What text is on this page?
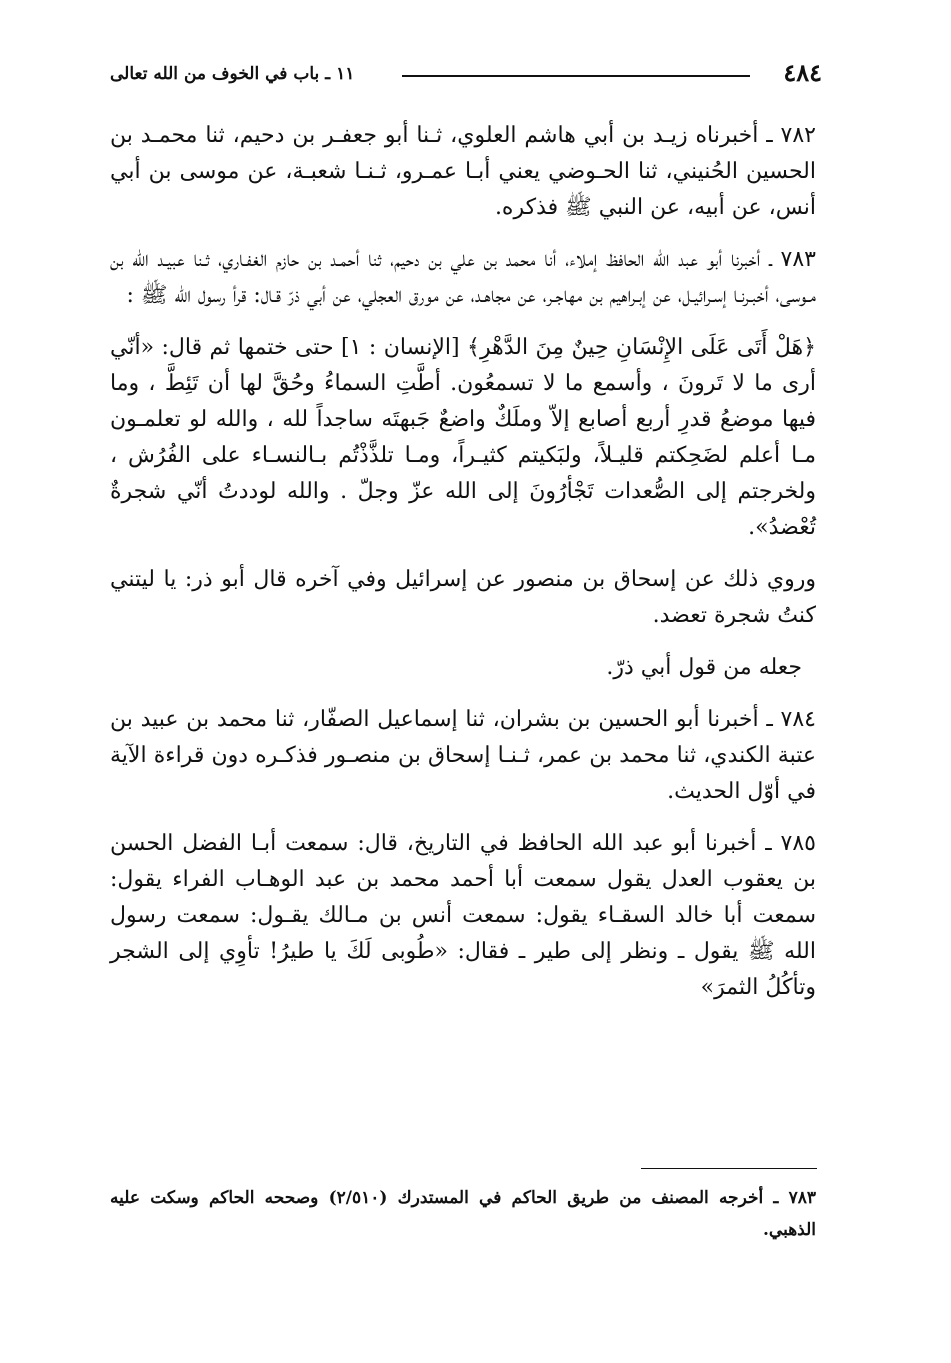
٤٨٤
١١ ـ باب في الخوف من الله تعالى

٧٨٢ ـ أخبرناه زيـد بن أبي هاشم العلوي، ثـنا أبو جعفـر بن دحيم، ثنا محمـد بن الحسين الحُنيني، ثنا الحـوضي يعني أبـا عمـرو، ثـنـا شعبـة، عن موسى بن أبي أنس، عن أبيه، عن النبي ﷺ فذكره.

٧٨٣ ـ أخبرنا أبو عبد الله الحافظ إملاء، أنا محمد بن علي بن دحيم، ثنا أحمـد بن حازم الغفـاري، ثـنا عبيـد الله بن مـوسى، أخبـرنـا إسـرائيـل، عن إبـراهيم بن مهاجـر، عن مجاهـد، عن مورق العجلي، عن أبي ذرّ قـال: قرأ رسول الله ﷺ :

﴿هَلْ أَتَى عَلَى الإِنْسَانِ حِينٌ مِنَ الدَّهْرِ﴾ [الإنسان : ١] حتى ختمها ثم قال: «أنّي أرى ما لا تَرونَ ، وأسمع ما لا تسمعُون. أطَّتِ السماءُ وحُقَّ لها أن تَئِطَّ ، وما فيها موضعُ قدرِ أربع أصابع إلاّ وملَكٌ واضعٌ جَبهتَه ساجداً لله ، والله لو تعلمـون مـا أعلم لضَحِكتم قليـلاً، ولبَكيتم كثيـراً، ومـا تلذَّذْتُم بـالنسـاء على الفُرُش ، ولخرجتم إلى الصُّعدات تَجْأرُونَ إلى الله عزّ وجلّ . والله لوددتُ أنّي شجرةٌ تُعْضدُ».

وروي ذلك عن إسحاق بن منصور عن إسرائيل وفي آخره قال أبو ذر: يا ليتني كنتُ شجرة تعضد.

جعله من قول أبي ذرّ.

٧٨٤ ـ أخبرنا أبو الحسين بن بشران، ثنا إسماعيل الصفّار، ثنا محمد بن عبيد بن عتبة الكندي، ثنا محمد بن عمر، ثـنـا إسحاق بن منصـور فذكـره دون قراءة الآية في أوّل الحديث.

٧٨٥ ـ أخبرنا أبو عبد الله الحافظ في التاريخ، قال: سمعت أبـا الفضل الحسن بن يعقوب العدل يقول سمعت أبا أحمد محمد بن عبد الوهـاب الفراء يقول: سمعت أبا خالد السقـاء يقول: سمعت أنس بن مـالك يقـول: سمعت رسول الله ﷺ يقول ـ ونظر إلى طير ـ فقال: «طُوبى لَكَ يا طيرُ! تأوِي إلى الشجر وتأكُلُ الثمرَ»

٧٨٣ ـ أخرجه المصنف من طريق الحاكم في المستدرك (٢/٥١٠) وصححه الحاكم وسكت عليه الذهبي.
